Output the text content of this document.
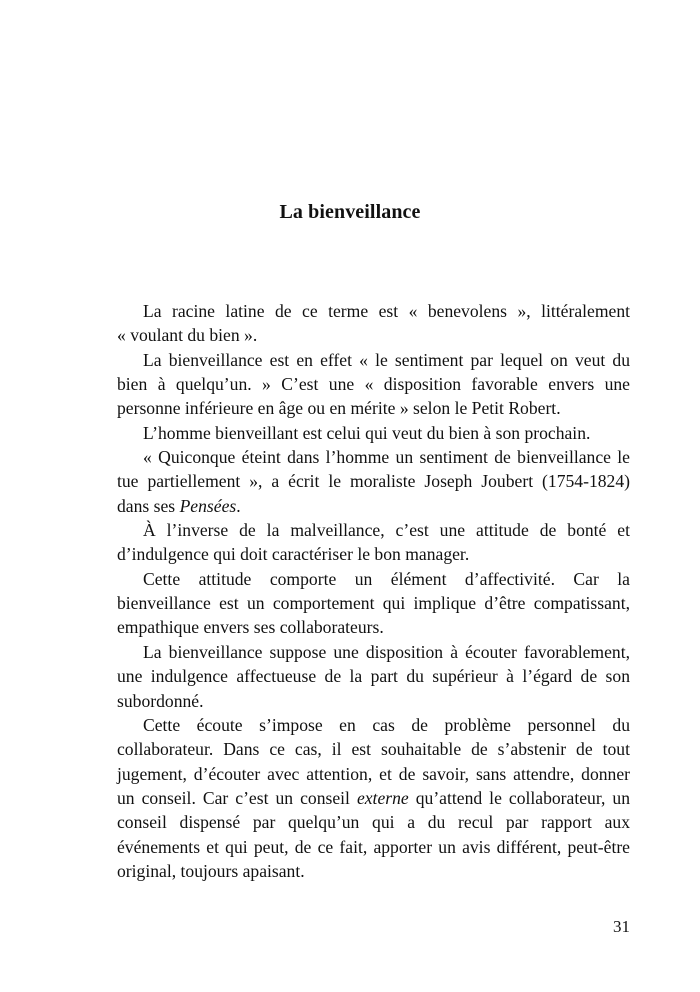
La bienveillance
La racine latine de ce terme est « benevolens », littéralement
« voulant du bien ».
La bienveillance est en effet « le sentiment par lequel on veut du
bien à quelqu’un. » C’est une « disposition favorable envers une
personne inférieure en âge ou en mérite » selon le Petit Robert.
L’homme bienveillant est celui qui veut du bien à son prochain.
« Quiconque éteint dans l’homme un sentiment de bienveillance le
tue partiellement », a écrit le moraliste Joseph Joubert (1754-1824)
dans ses Pensées.
À l’inverse de la malveillance, c’est une attitude de bonté et
d’indulgence qui doit caractériser le bon manager.
Cette attitude comporte un élément d’affectivité. Car la
bienveillance est un comportement qui implique d’être compatissant,
empathique envers ses collaborateurs.
La bienveillance suppose une disposition à écouter favorablement,
une indulgence affectueuse de la part du supérieur à l’égard de son
subordonné.
Cette écoute s’impose en cas de problème personnel du
collaborateur. Dans ce cas, il est souhaitable de s’abstenir de tout
jugement, d’écouter avec attention, et de savoir, sans attendre, donner
un conseil. Car c’est un conseil externe qu’attend le collaborateur, un
conseil dispensé par quelqu’un qui a du recul par rapport aux
événements et qui peut, de ce fait, apporter un avis différent, peut-être
original, toujours apaisant.
31
